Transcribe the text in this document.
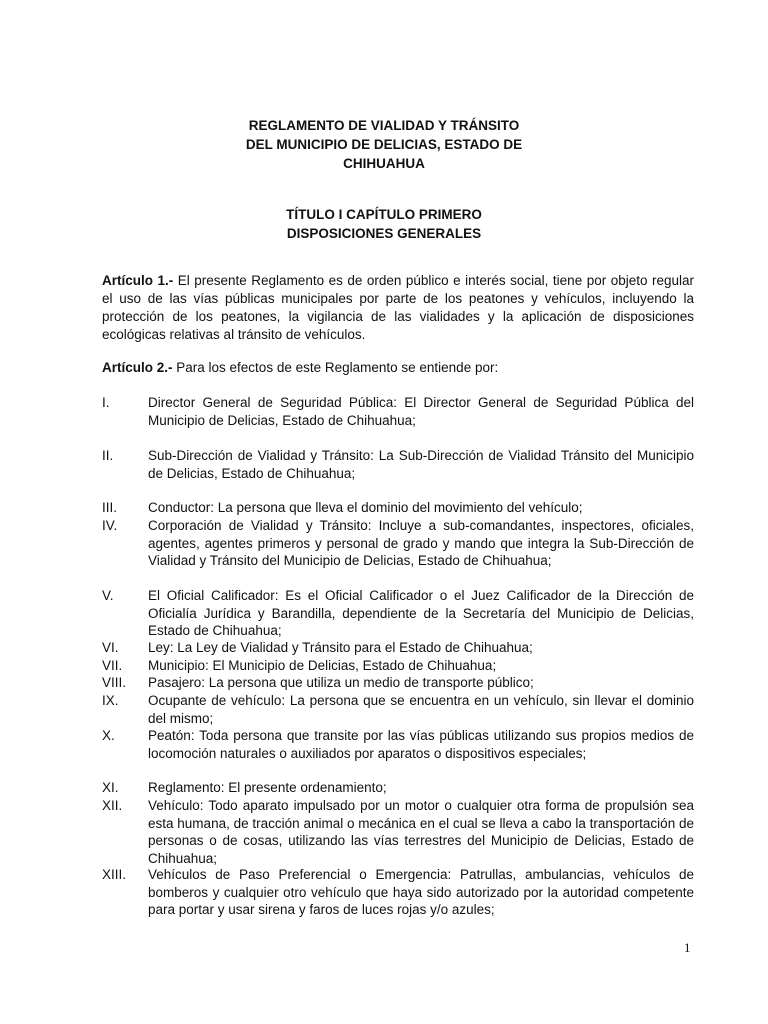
REGLAMENTO DE VIALIDAD Y TRÁNSITO
DEL MUNICIPIO DE DELICIAS, ESTADO DE
CHIHUAHUA
TÍTULO I CAPÍTULO PRIMERO
DISPOSICIONES GENERALES
Artículo 1.- El presente Reglamento es de orden público e interés social, tiene por objeto regular el uso de las vías públicas municipales por parte de los peatones y vehículos, incluyendo la protección de los peatones, la vigilancia de las vialidades y la aplicación de disposiciones ecológicas relativas al tránsito de vehículos.
Artículo 2.- Para los efectos de este Reglamento se entiende por:
I.	Director General de Seguridad Pública: El Director General de Seguridad Pública del Municipio de Delicias, Estado de Chihuahua;
II.	Sub-Dirección de Vialidad y Tránsito: La Sub-Dirección de Vialidad Tránsito del Municipio de Delicias, Estado de Chihuahua;
III. Conductor: La persona que lleva el dominio del movimiento del vehículo;
IV. Corporación de Vialidad y Tránsito: Incluye a sub-comandantes, inspectores, oficiales, agentes, agentes primeros y personal de grado y mando que integra la Sub-Dirección de Vialidad y Tránsito del Municipio de Delicias, Estado de Chihuahua;
V.	El Oficial Calificador: Es el Oficial Calificador o el Juez Calificador de la Dirección de Oficialía Jurídica y Barandilla, dependiente de la Secretaría del Municipio de Delicias, Estado de Chihuahua;
VI. Ley: La Ley de Vialidad y Tránsito para el Estado de Chihuahua;
VII. Municipio: El Municipio de Delicias, Estado de Chihuahua;
VIII. Pasajero: La persona que utiliza un medio de transporte público;
IX. Ocupante de vehículo: La persona que se encuentra en un vehículo, sin llevar el dominio del mismo;
X. Peatón: Toda persona que transite por las vías públicas utilizando sus propios medios de locomoción naturales o auxiliados por aparatos o dispositivos especiales;
XI. Reglamento: El presente ordenamiento;
XII. Vehículo: Todo aparato impulsado por un motor o cualquier otra forma de propulsión sea esta humana, de tracción animal o mecánica en el cual se lleva a cabo la transportación de personas o de cosas, utilizando las vías terrestres del Municipio de Delicias, Estado de Chihuahua;
XIII. Vehículos de Paso Preferencial o Emergencia: Patrullas, ambulancias, vehículos de bomberos y cualquier otro vehículo que haya sido autorizado por la autoridad competente para portar y usar sirena y faros de luces rojas y/o azules;
1
